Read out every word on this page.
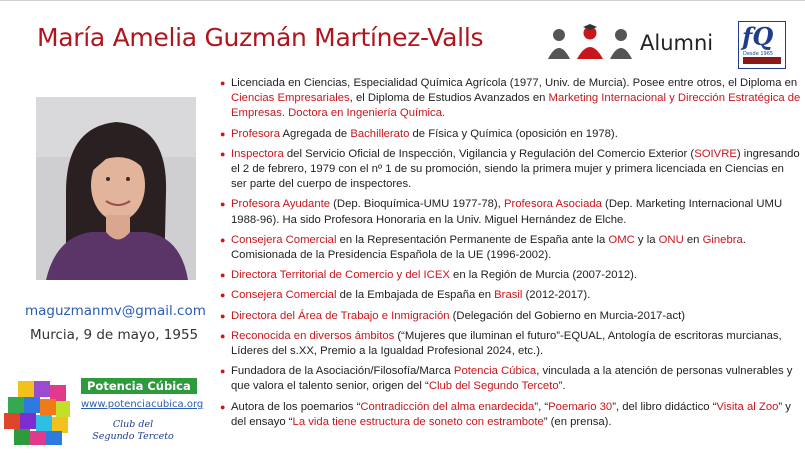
María Amelia Guzmán Martínez-Valls	Alumni fQ
Desde 1965
maguzmanmv@gmail.com
Murcia, 9 de mayo, 1955
Potencia Cúbica
www.potenciacubica.org
Club del
Segundo Terceto
● Licenciada en Ciencias, Especialidad Química Agrícola (1977, Univ. de Murcia). Posee entre otros, el Diploma en Ciencias Empresariales, el Diploma de Estudios Avanzados en Marketing Internacional y Dirección Estratégica de Empresas. Doctora en Ingeniería Química.
● Profesora Agregada de Bachillerato de Física y Química (oposición en 1978).
● Inspectora del Servicio Oficial de Inspección, Vigilancia y Regulación del Comercio Exterior (SOIVRE) ingresando el 2 de febrero, 1979 con el nº 1 de su promoción, siendo la primera mujer y primera licenciada en Ciencias en ser parte del cuerpo de inspectores.
● Profesora Ayudante (Dep. Bioquímica-UMU 1977-78), Profesora Asociada (Dep. Marketing Internacional UMU 1988-96). Ha sido Profesora Honoraria en la Univ. Miguel Hernández de Elche.
● Consejera Comercial en la Representación Permanente de España ante la OMC y la ONU en Ginebra. Comisionada de la Presidencia Española de la UE (1996-2002).
● Directora Territorial de Comercio y del ICEX en la Región de Murcia (2007-2012).
● Consejera Comercial de la Embajada de España en Brasil (2012-2017).
● Directora del Área de Trabajo e Inmigración (Delegación del Gobierno en Murcia-2017-act)
● Reconocida en diversos ámbitos (“Mujeres que iluminan el futuro”-EQUAL, Antología de escritoras murcianas, Líderes del s.XX, Premio a la Igualdad Profesional 2024, etc.).
● Fundadora de la Asociación/Filosofía/Marca Potencia Cúbica, vinculada a la atención de personas vulnerables y que valora el talento senior, origen del “Club del Segundo Terceto”.
● Autora de los poemarios “Contradicción del alma enardecida”, “Poemario 30”, del libro didáctico “Visita al Zoo” y del ensayo “La vida tiene estructura de soneto con estrambote” (en prensa).
